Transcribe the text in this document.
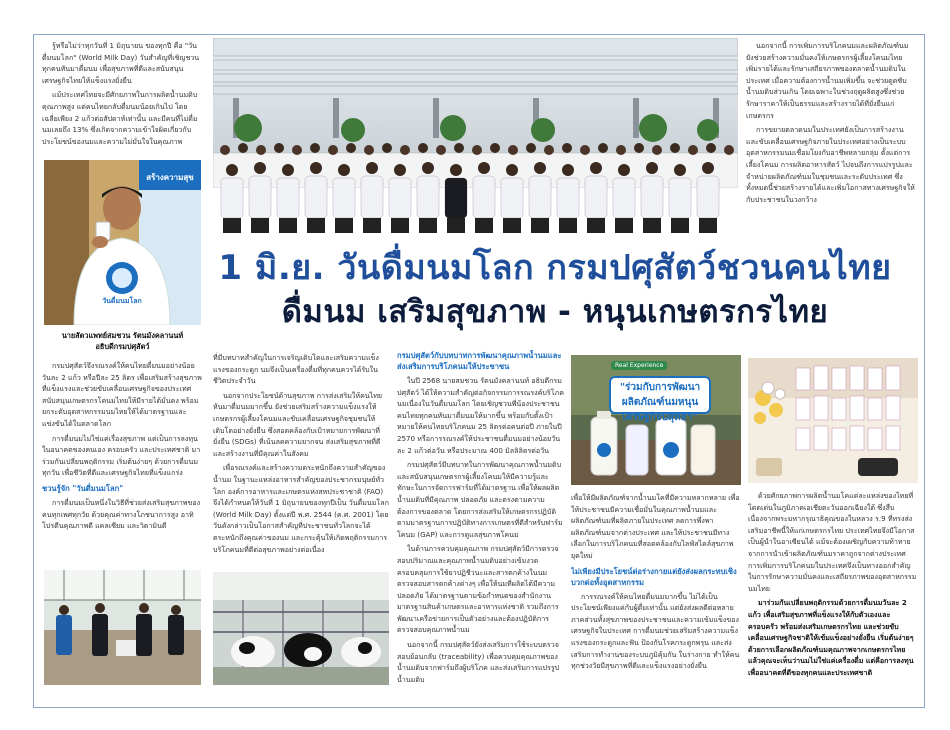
รู้หรือไม่ว่าทุกวันที่ 1 มิถุนายน ของทุกปี คือ "วันดื่มนมโลก" (World Milk Day) วันสำคัญที่เชิญชวนทุกคนหันมาดื่มนม เพื่อสุขภาพที่ดีและสนับสนุนเศรษฐกิจไทยให้แข็งแรงยั่งยืน

แม้ประเทศไทยจะมีศักยภาพในการผลิตน้ำนมดิบคุณภาพสูง แต่คนไทยกลับดื่มนมน้อยเกินไป โดยเฉลี่ยเพียง 2 แก้วต่อสัปดาห์เท่านั้น และมีคนที่ไม่ดื่มนมเลยถึง 13% ซึ่งเกิดจากความเข้าใจผิดเกี่ยวกับประโยชน์ของนมและความไม่มั่นใจในคุณภาพ

สร้างความสุข
วันดื่มนมโลก
นายสัตวแพทย์สมชวน รัตนมังคลานนท์
อธิบดีกรมปศุสัตว์

นอกจากนี้ การเพิ่มการบริโภคนมและผลิตภัณฑ์นมยังช่วยสร้างความมั่นคงให้เกษตรกรผู้เลี้ยงโคนมไทย เพิ่มรายได้และรักษาเสถียรภาพของตลาดน้ำนมดิบในประเทศ เมื่อความต้องการน้ำนมเพิ่มขึ้น จะช่วยดูดซับน้ำนมดิบส่วนเกิน โดยเฉพาะในช่วงฤดูผลิตสูงซึ่งช่วยรักษาราคาให้เป็นธรรมและสร้างรายได้ที่ยั่งยืนแก่เกษตรกร

การขยายตลาดนมในประเทศยังเป็นการสร้างงานและขับเคลื่อนเศรษฐกิจภายในประเทศอย่างเป็นระบบ อุตสาหกรรมนมเชื่อมโยงกับอาชีพหลายกลุ่ม ตั้งแต่การเลี้ยงโคนม การผลิตอาหารสัตว์ ไปจนถึงการแปรรูปและจำหน่ายผลิตภัณฑ์นมในชุมชนและระดับประเทศ ซึ่งทั้งหมดนี้ช่วยสร้างรายได้และเพิ่มโอกาสทางเศรษฐกิจให้กับประชาชนในวงกว้าง

1 มิ.ย. วันดื่มนมโลก กรมปศุสัตว์ชวนคนไทย
ดื่มนม เสริมสุขภาพ - หนุนเกษตรกรไทย

กรมปศุสัตว์จึงรณรงค์ให้คนไทยดื่มนมอย่างน้อยวันละ 2 แก้ว หรือปีละ 25 ลิตร เพื่อเสริมสร้างสุขภาพที่แข็งแรงและช่วยขับเคลื่อนเศรษฐกิจของประเทศ สนับสนุนเกษตรกรโคนมไทยให้มีรายได้มั่นคง พร้อมยกระดับอุตสาหกรรมนมไทยให้ได้มาตรฐานและแข่งขันได้ในตลาดโลก

การดื่มนมไม่ใช่แค่เรื่องสุขภาพ แต่เป็นการลงทุนในอนาคตของคนเอง ครอบครัว และประเทศชาติ มาร่วมกันเปลี่ยนพฤติกรรม เริ่มต้นง่ายๆ ด้วยการดื่มนมทุกวัน เพื่อชีวิตที่ดีและเศรษฐกิจไทยที่แข็งแกร่ง

ชวนรู้จัก "วันดื่มนมโลก"

การดื่มนมเป็นหนึ่งในวิธีที่ช่วยส่งเสริมสุขภาพของคนทุกเพศทุกวัย ด้วยคุณค่าทางโภชนาการสูง อาทิ โปรตีนคุณภาพดี แคลเซียม และวิตามินดี

ที่มีบทบาทสำคัญในการเจริญเติบโตและเสริมความแข็งแรงของกระดูก นมจึงเป็นเครื่องดื่มที่ทุกคนควรได้รับในชีวิตประจำวัน

นอกจากประโยชน์ด้านสุขภาพ การส่งเสริมให้คนไทยหันมาดื่มนมมากขึ้น ยังช่วยเสริมสร้างความแข็งแรงให้เกษตรกรผู้เลี้ยงโคนมและขับเคลื่อนเศรษฐกิจชุมชนให้เติบโตอย่างยั่งยืน ซึ่งสอดคล้องกับเป้าหมายการพัฒนาที่ยั่งยืน (SDGs) ที่เน้นลดความยากจน ส่งเสริมสุขภาพที่ดี และสร้างงานที่มีคุณค่าในสังคม

เพื่อรณรงค์และสร้างความตระหนักถึงความสำคัญของน้ำนม ในฐานะแหล่งอาหารสำคัญของประชากรมนุษย์ทั่วโลก องค์การอาหารและเกษตรแห่งสหประชาชาติ (FAO) จึงได้กำหนดให้วันที่ 1 มิถุนายนของทุกปีเป็น วันดื่มนมโลก (World Milk Day) ตั้งแต่ปี พ.ศ. 2544 (ค.ศ. 2001) โดยวันดังกล่าวเป็นโอกาสสำคัญที่ประชาชนทั่วโลกจะได้ตระหนักถึงคุณค่าของนม และกระตุ้นให้เกิดพฤติกรรมการบริโภคนมที่ดีต่อสุขภาพอย่างต่อเนื่อง

กรมปศุสัตว์กับบทบาทการพัฒนาคุณภาพน้ำนมและส่งเสริมการบริโภคนมให้ประชาชน

ในปี 2568 นายสมชวน รัตนมังคลานนท์ อธิบดีกรมปศุสัตว์ ได้ให้ความสำคัญต่อกิจกรรมการรณรงค์บริโภคนมเนื่องในวันดื่มนมโลก โดยเชิญชวนพี่น้องประชาชนคนไทยทุกคนหันมาดื่มนมให้มากขึ้น พร้อมกับตั้งเป้าหมายให้คนไทยบริโภคนม 25 ลิตรต่อคนต่อปี ภายในปี 2570 หรือการรณรงค์ให้ประชาชนดื่มนมอย่างน้อยวันละ 2 แก้วต่อวัน หรือประมาณ 400 มิลลิลิตรต่อวัน

กรมปศุสัตว์มีบทบาทในการพัฒนาคุณภาพน้ำนมดิบ และสนับสนุนเกษตรกรผู้เลี้ยงโคนมให้มีความรู้และทักษะในการจัดการฟาร์มที่ได้มาตรฐาน เพื่อให้ผลผลิตน้ำนมดิบที่มีคุณภาพ ปลอดภัย และตรงตามความต้องการของตลาด โดยการส่งเสริมให้เกษตรกรปฏิบัติตามมาตรฐานการปฏิบัติทางการเกษตรที่ดีสำหรับฟาร์มโคนม (GAP) และการดูแลสุขภาพโคนม

ในด้านการควบคุมคุณภาพ กรมปศุสัตว์มีการตรวจสอบปริมาณและคุณภาพน้ำนมดิบอย่างเข้มงวด ครอบคลุมการใช้ยาปฏิชีวนะและสารตกค้างในนม ตรวจสอบสารตกค้างต่างๆ เพื่อให้นมที่ผลิตได้มีความปลอดภัย ได้มาตรฐานตามข้อกำหนดของสำนักงานมาตรฐานสินค้าเกษตรและอาหารแห่งชาติ รวมถึงการพัฒนาเครือข่ายการเป็นตัวอย่างและต้องปฏิบัติการตรวจสอบคุณภาพน้ำนม

นอกจากนี้ กรมปศุสัตว์ยังส่งเสริมการใช้ระบบตรวจสอบย้อนกลับ (traceability) เพื่อควบคุมคุณภาพของน้ำนมดิบจากฟาร์มถึงผู้บริโภค และส่งเสริมการแปรรูปน้ำนมดิบ

Real Experience
"ร่วมกับการพัฒนาผลิตภัณฑ์นมหนุนเศรษฐกิจบสุทธา"

เพื่อให้มีผลิตภัณฑ์จากน้ำนมโคที่มีความหลากหลาย เพื่อให้ประชาชนมีความเชื่อมั่นในคุณภาพน้ำนมและผลิตภัณฑ์นมที่ผลิตภายในประเทศ ลดการพึ่งพาผลิตภัณฑ์นมจากต่างประเทศ และให้ประชาชนมีทางเลือกในการบริโภคนมที่สอดคล้องกับไลฟ์สไตล์สุขภาพยุคใหม่

ไม่เพียงมีประโยชน์ต่อร่างกายแต่ยังส่งผลกระทบเชิงบวกต่อทั้งอุตสาหกรรม

การรณรงค์ให้คนไทยดื่มนมมากขึ้น ไม่ได้เป็นประโยชน์เพียงแค่กับผู้ดื่มเท่านั้น แต่ยังส่งผลดีต่อหลายภาคส่วนทั้งสุขภาพของประชาชนและความเข้มแข็งของเศรษฐกิจในประเทศ การดื่มนมช่วยเสริมสร้างความแข็งแรงของกระดูกและฟัน ป้องกันโรคกระดูกพรุน และส่งเสริมการทำงานของระบบภูมิคุ้มกัน ในร่างกาย ทำให้คนทุกช่วงวัยมีสุขภาพที่ดีและแข็งแรงอย่างยั่งยืน

ด้วยศักยภาพการผลิตน้ำนมโคแต่ละแหล่งของไทยที่โดดเด่นในภูมิภาคเอเชียตะวันออกเฉียงใต้ ซึ่งสืบเนื่องจากพระมหากรุณาธิคุณของในหลวง ร.9 ที่ทรงส่งเสริมอาชีพนี้ให้แก่เกษตรกรไทย ประเทศไทยจึงมีโอกาสเป็นผู้นำในอาเซียนได้ แม้จะต้องเผชิญกับความท้าทายจากการนำเข้าผลิตภัณฑ์นมราคาถูกจากต่างประเทศ การเพิ่มการบริโภคนมในประเทศจึงเป็นทางออกสำคัญในการรักษาความมั่นคงและเสถียรภาพของอุตสาหกรรมนมไทย

มาร่วมกันเปลี่ยนพฤติกรรมด้วยการดื่มนมวันละ 2 แก้ว เพื่อเสริมสุขภาพที่แข็งแรงให้กับตัวเองและครอบครัว พร้อมส่งเสริมเกษตรกรไทย และช่วยขับเคลื่อนเศรษฐกิจชาติให้เข้มแข็งอย่างยั่งยืน เริ่มต้นง่ายๆ ด้วยการเลือกผลิตภัณฑ์นมคุณภาพจากเกษตรกรไทย แล้วคุณจะเห็นว่านมไม่ใช่แค่เครื่องดื่ม แต่คือการลงทุนเพื่ออนาคตที่ดีของทุกคนและประเทศชาติ
